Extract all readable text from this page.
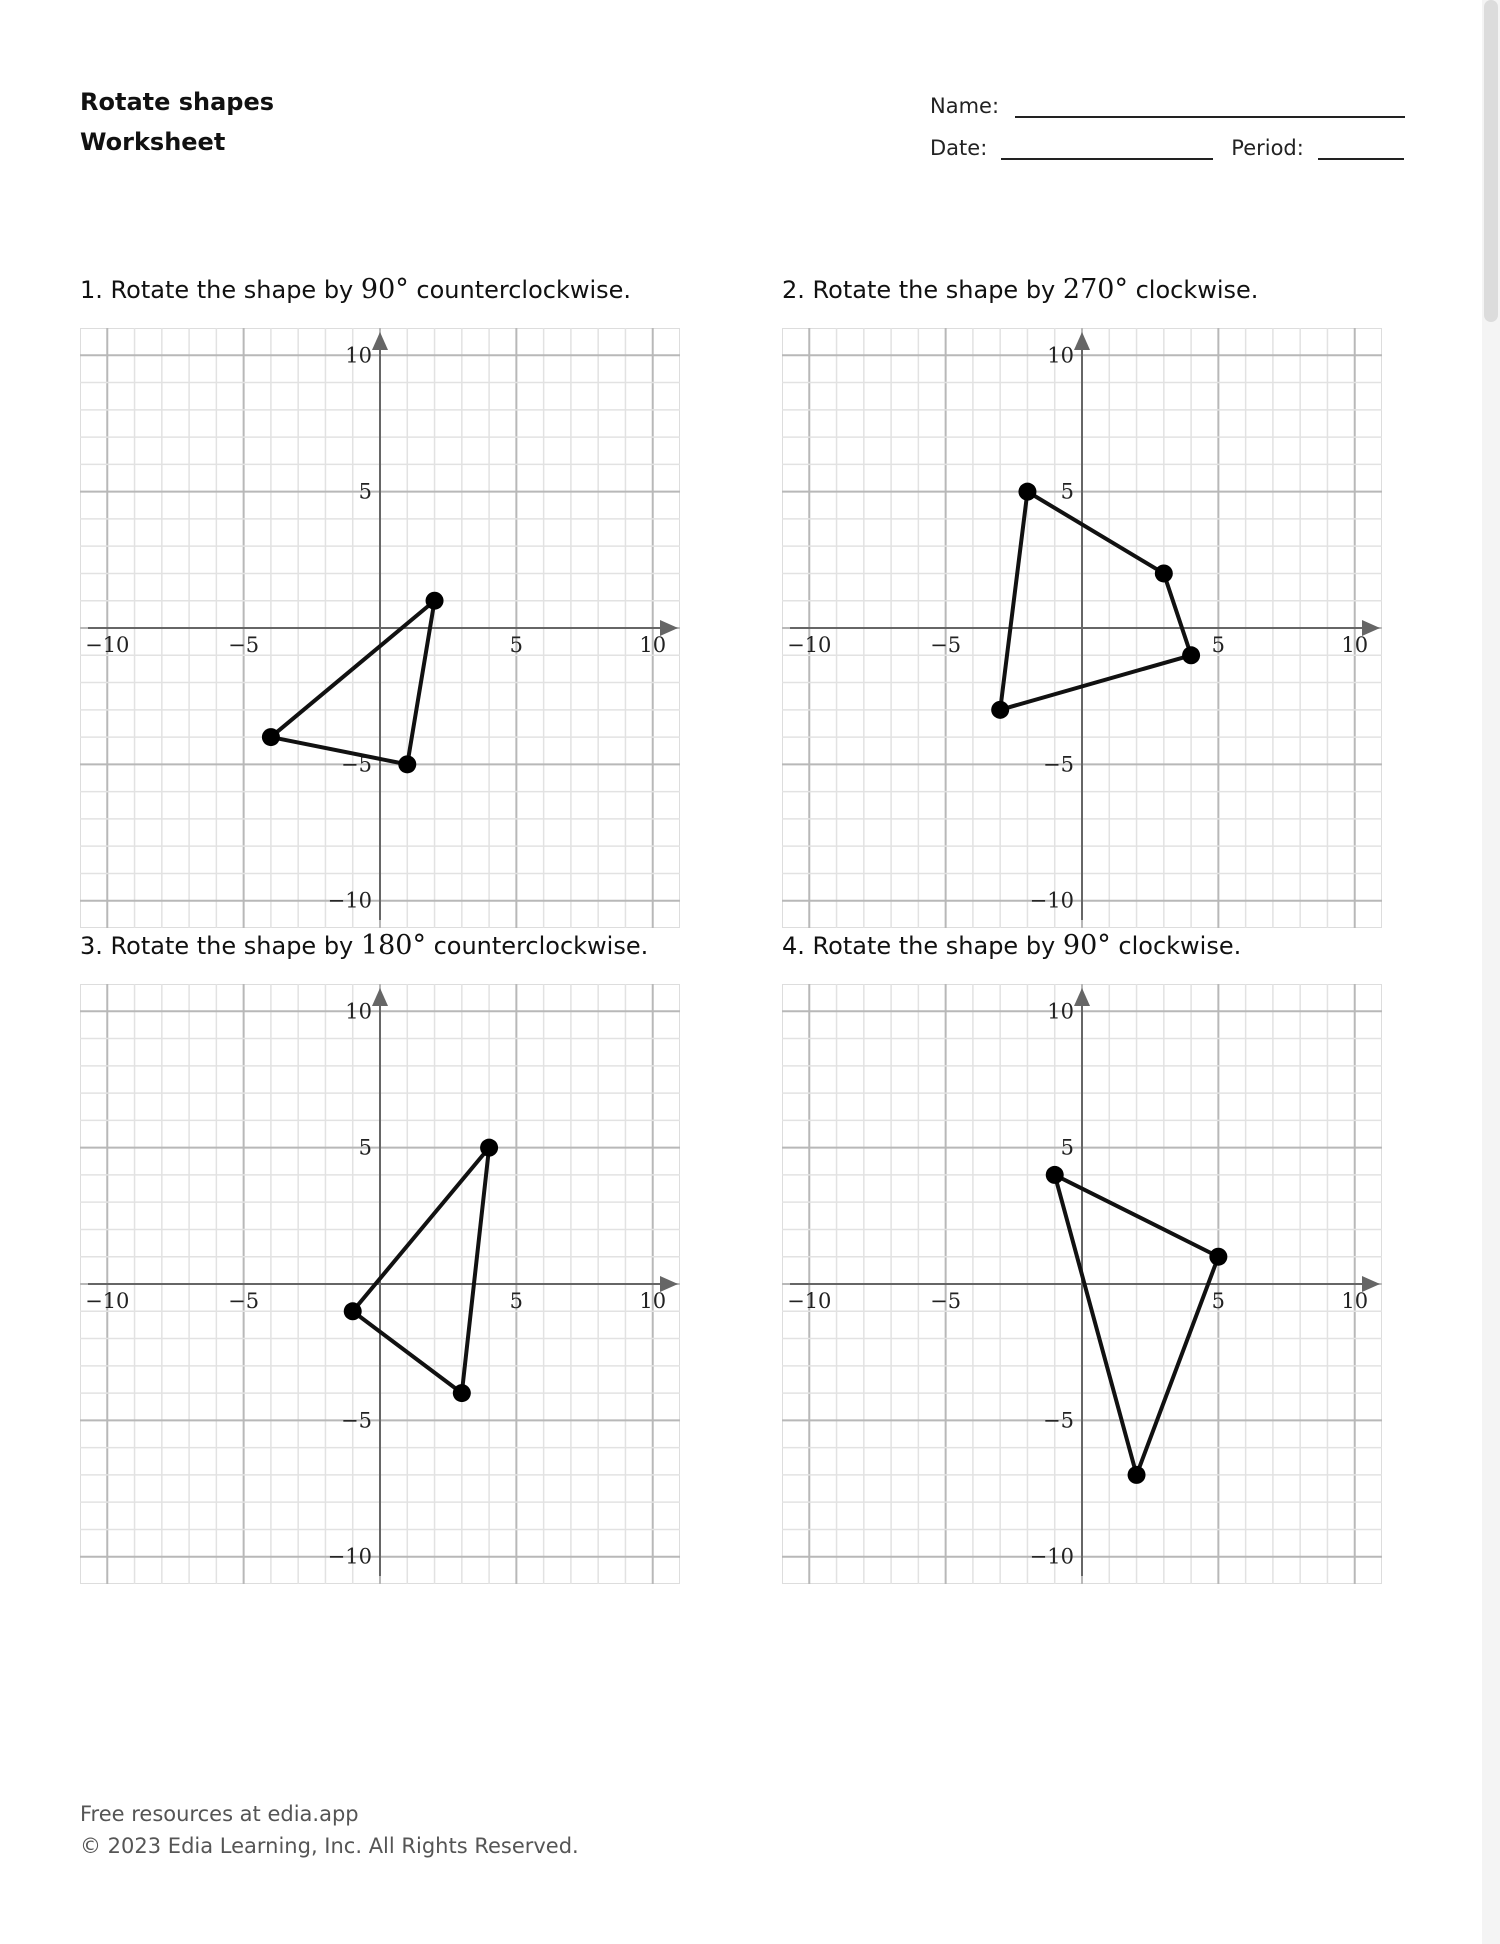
Rotate shapes
Worksheet
Name:
Date:	Period:
1. Rotate the shape by 90° counterclockwise.
−10	−5	5	10
10
5
−5
−10
2. Rotate the shape by 270° clockwise.
−10	−5	5	10
10
5
−5
−10
3. Rotate the shape by 180° counterclockwise.
−10	−5	5	10
10
5
−5
−10
4. Rotate the shape by 90° clockwise.
−10	−5	5	10
10
5
−5
−10
Free resources at edia.app
© 2023 Edia Learning, Inc. All Rights Reserved.
